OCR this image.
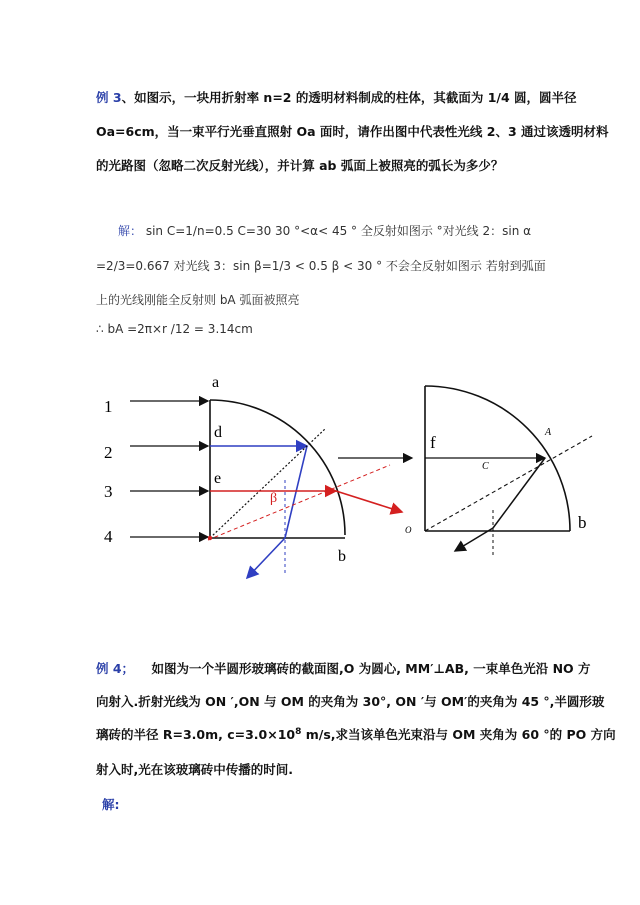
例 3、如图示，一块用折射率 n=2 的透明材料制成的柱体，其截面为 1/4 圆，圆半径
Oa=6cm，当一束平行光垂直照射 Oa 面时，请作出图中代表性光线 2、3 通过该透明材料
的光路图（忽略二次反射光线），并计算 ab 弧面上被照亮的弧长为多少？
解： sin C=1/n=0.5 C=30 30 °<α< 45 ° 全反射如图示 °对光线 2：sin α
=2/3=0.667 对光线 3：sin β=1/3 < 0.5 β < 30 ° 不会全反射如图示 若射到弧面
上的光线刚能全反射则 bA 弧面被照亮
∴ bA =2π×r /12 = 3.14cm
1
2
3
4
a
d
e
b
β
f
A
C
O	b
例 4； 如图为一个半圆形玻璃砖的截面图,O 为圆心, MM′⊥AB, 一束单色光沿 NO 方
向射入.折射光线为 ON ′,ON 与 OM 的夹角为 30°, ON ′与 OM′的夹角为 45 °,半圆形玻
璃砖的半径 R=3.0m, $c=3.0\times 10^8$ m/s,求当该单色光束沿与 OM 夹角为 60 °的 PO 方向
射入时,光在该玻璃砖中传播的时间.
解:
